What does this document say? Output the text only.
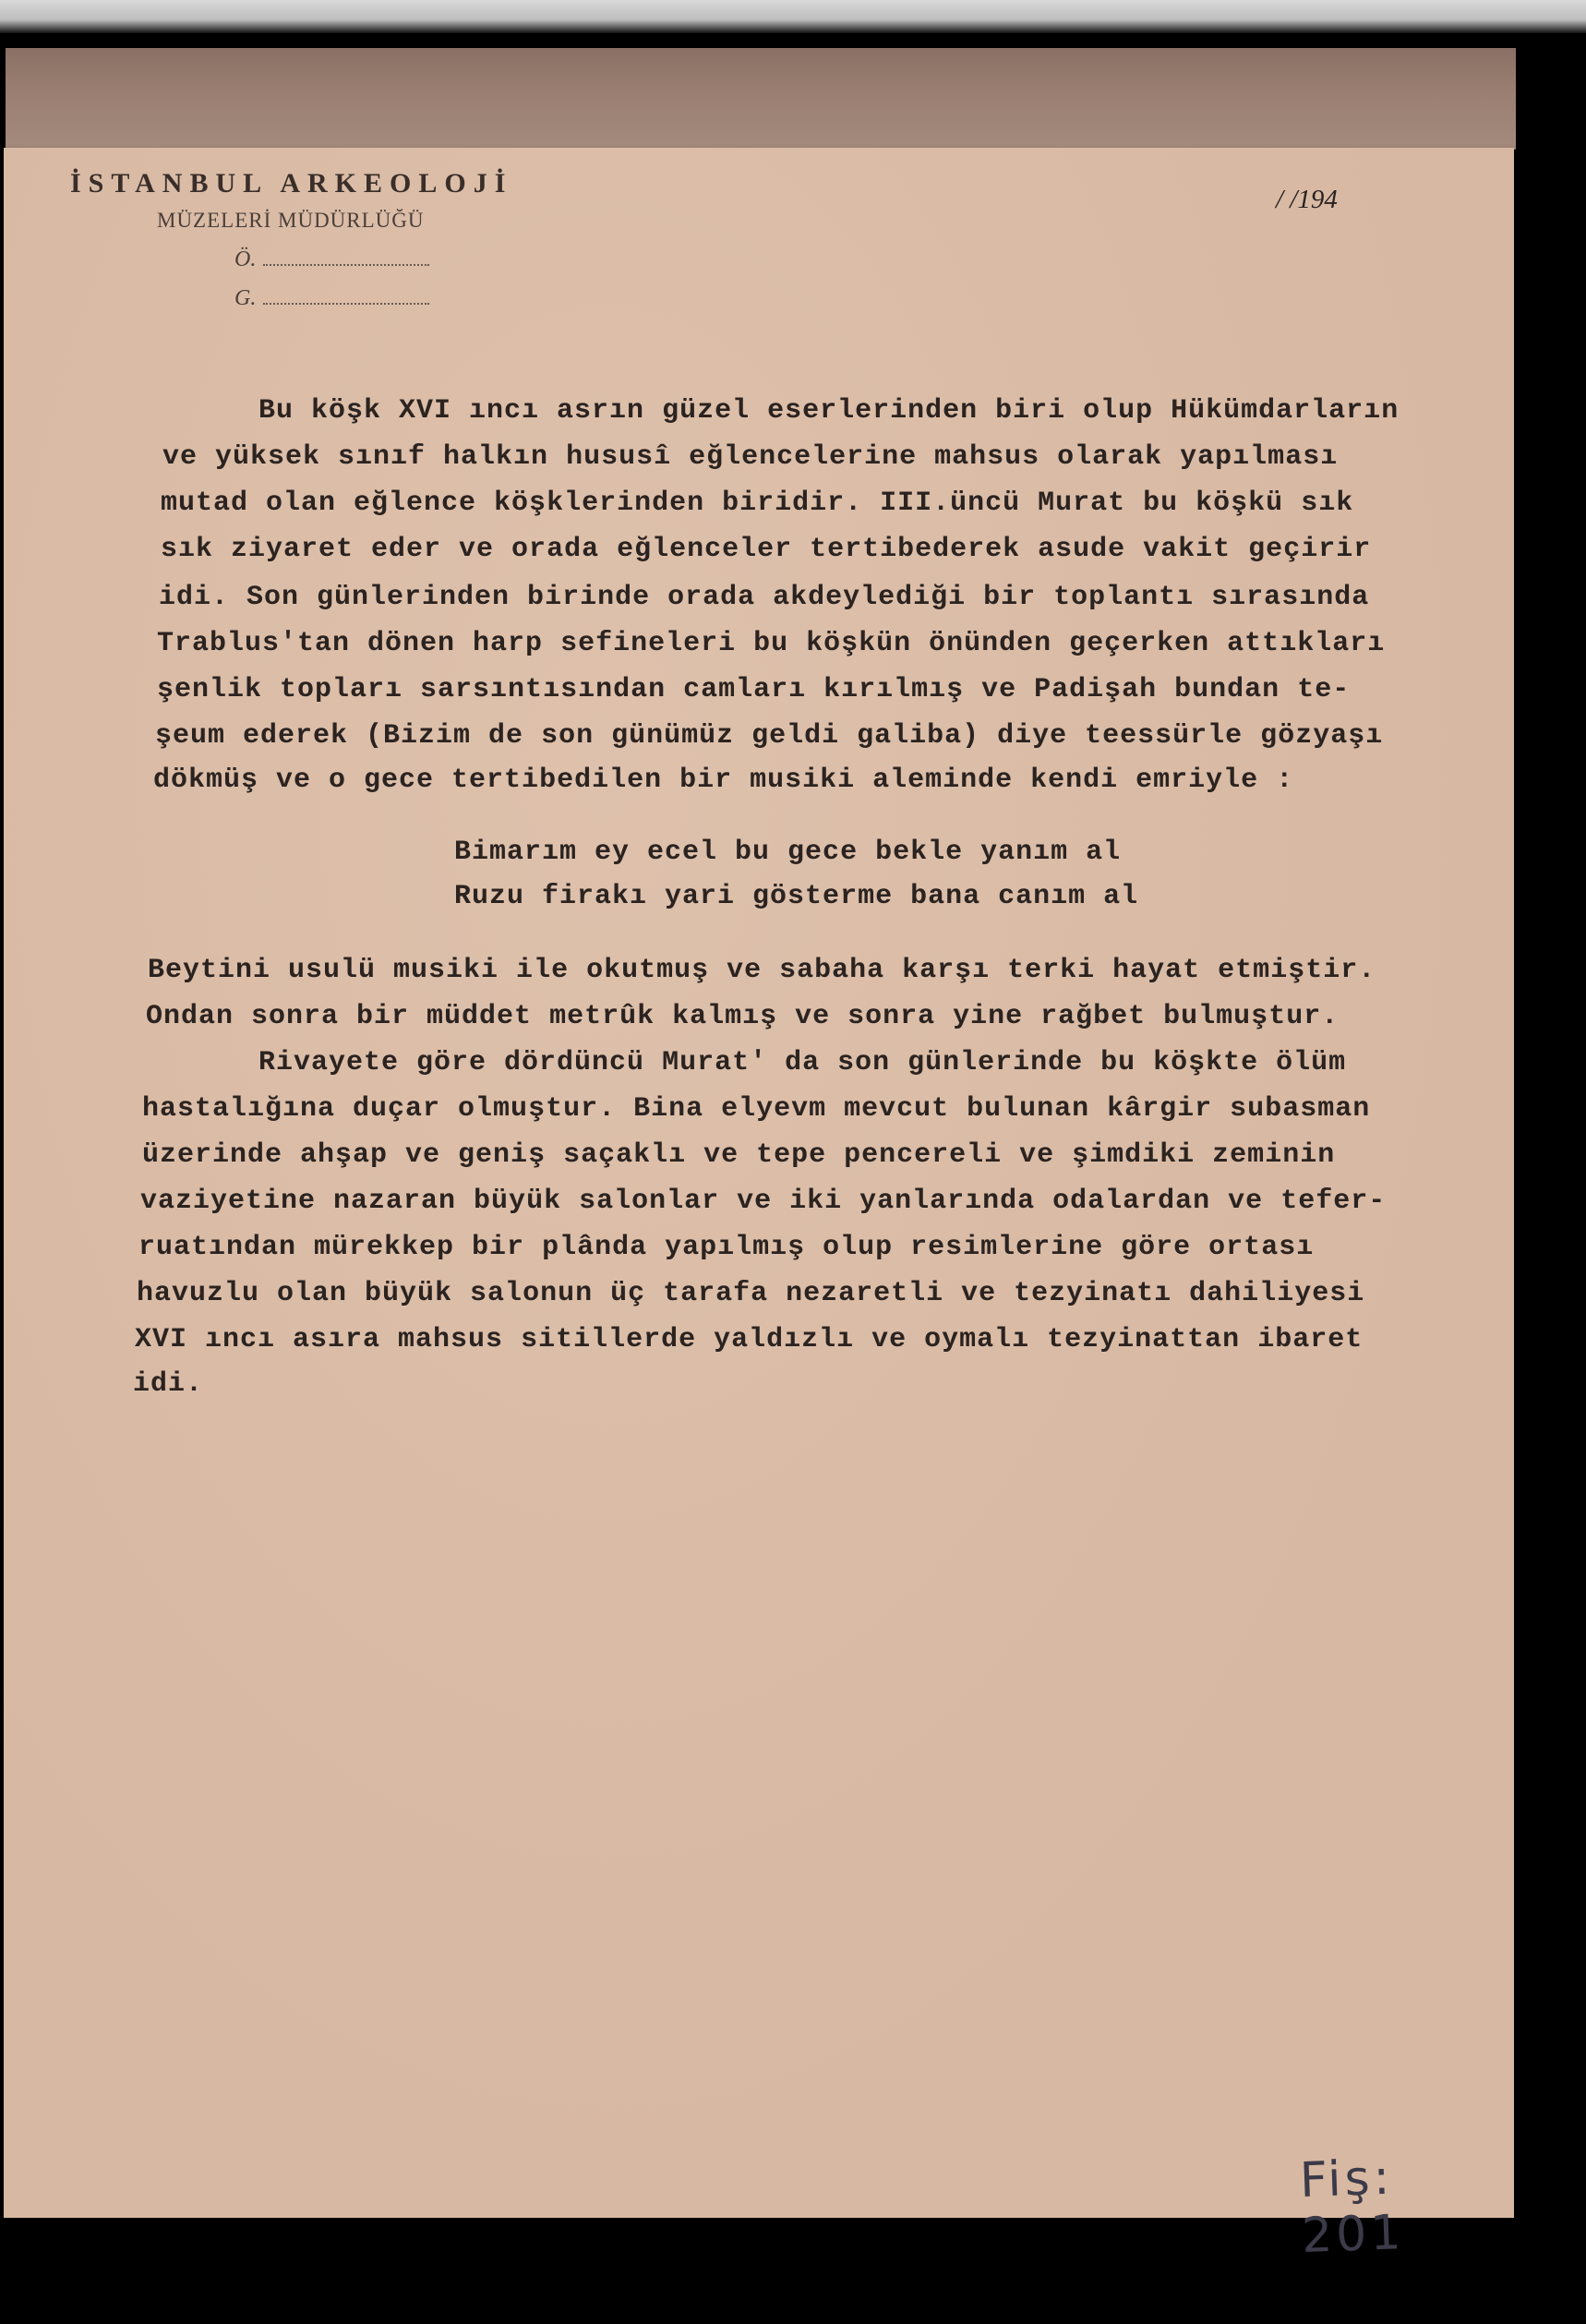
İSTANBUL ARKEOLOJİ
MÜZELERİ MÜDÜRLÜĞÜ
Ö.
G.
/ /194
Bu köşk XVI ıncı asrın güzel eserlerinden biri olup Hükümdarların
ve yüksek sınıf halkın hususî eğlencelerine mahsus olarak yapılması
mutad olan eğlence köşklerinden biridir. III.üncü Murat bu köşkü sık
sık ziyaret eder ve orada eğlenceler tertibederek asude vakit geçirir
idi. Son günlerinden birinde orada akdeylediği bir toplantı sırasında
Trablus'tan dönen harp sefineleri bu köşkün önünden geçerken attıkları
şenlik topları sarsıntısından camları kırılmış ve Padişah bundan te-
şeum ederek (Bizim de son günümüz geldi galiba) diye teessürle gözyaşı
dökmüş ve o gece tertibedilen bir musiki aleminde kendi emriyle :
Bimarım ey ecel bu gece bekle yanım al
Ruzu firakı yari gösterme bana canım al
Beytini usulü musiki ile okutmuş ve sabaha karşı terki hayat etmiştir.
Ondan sonra bir müddet metrûk kalmış ve sonra yine rağbet bulmuştur.
Rivayete göre dördüncü Murat' da son günlerinde bu köşkte ölüm
hastalığına duçar olmuştur. Bina elyevm mevcut bulunan kârgir subasman
üzerinde ahşap ve geniş saçaklı ve tepe pencereli ve şimdiki zeminin
vaziyetine nazaran büyük salonlar ve iki yanlarında odalardan ve tefer-
ruatından mürekkep bir plânda yapılmış olup resimlerine göre ortası
havuzlu olan büyük salonun üç tarafa nezaretli ve tezyinatı dahiliyesi
XVI ıncı asıra mahsus sitillerde yaldızlı ve oymalı tezyinattan ibaret
idi.
Fiş: 201
